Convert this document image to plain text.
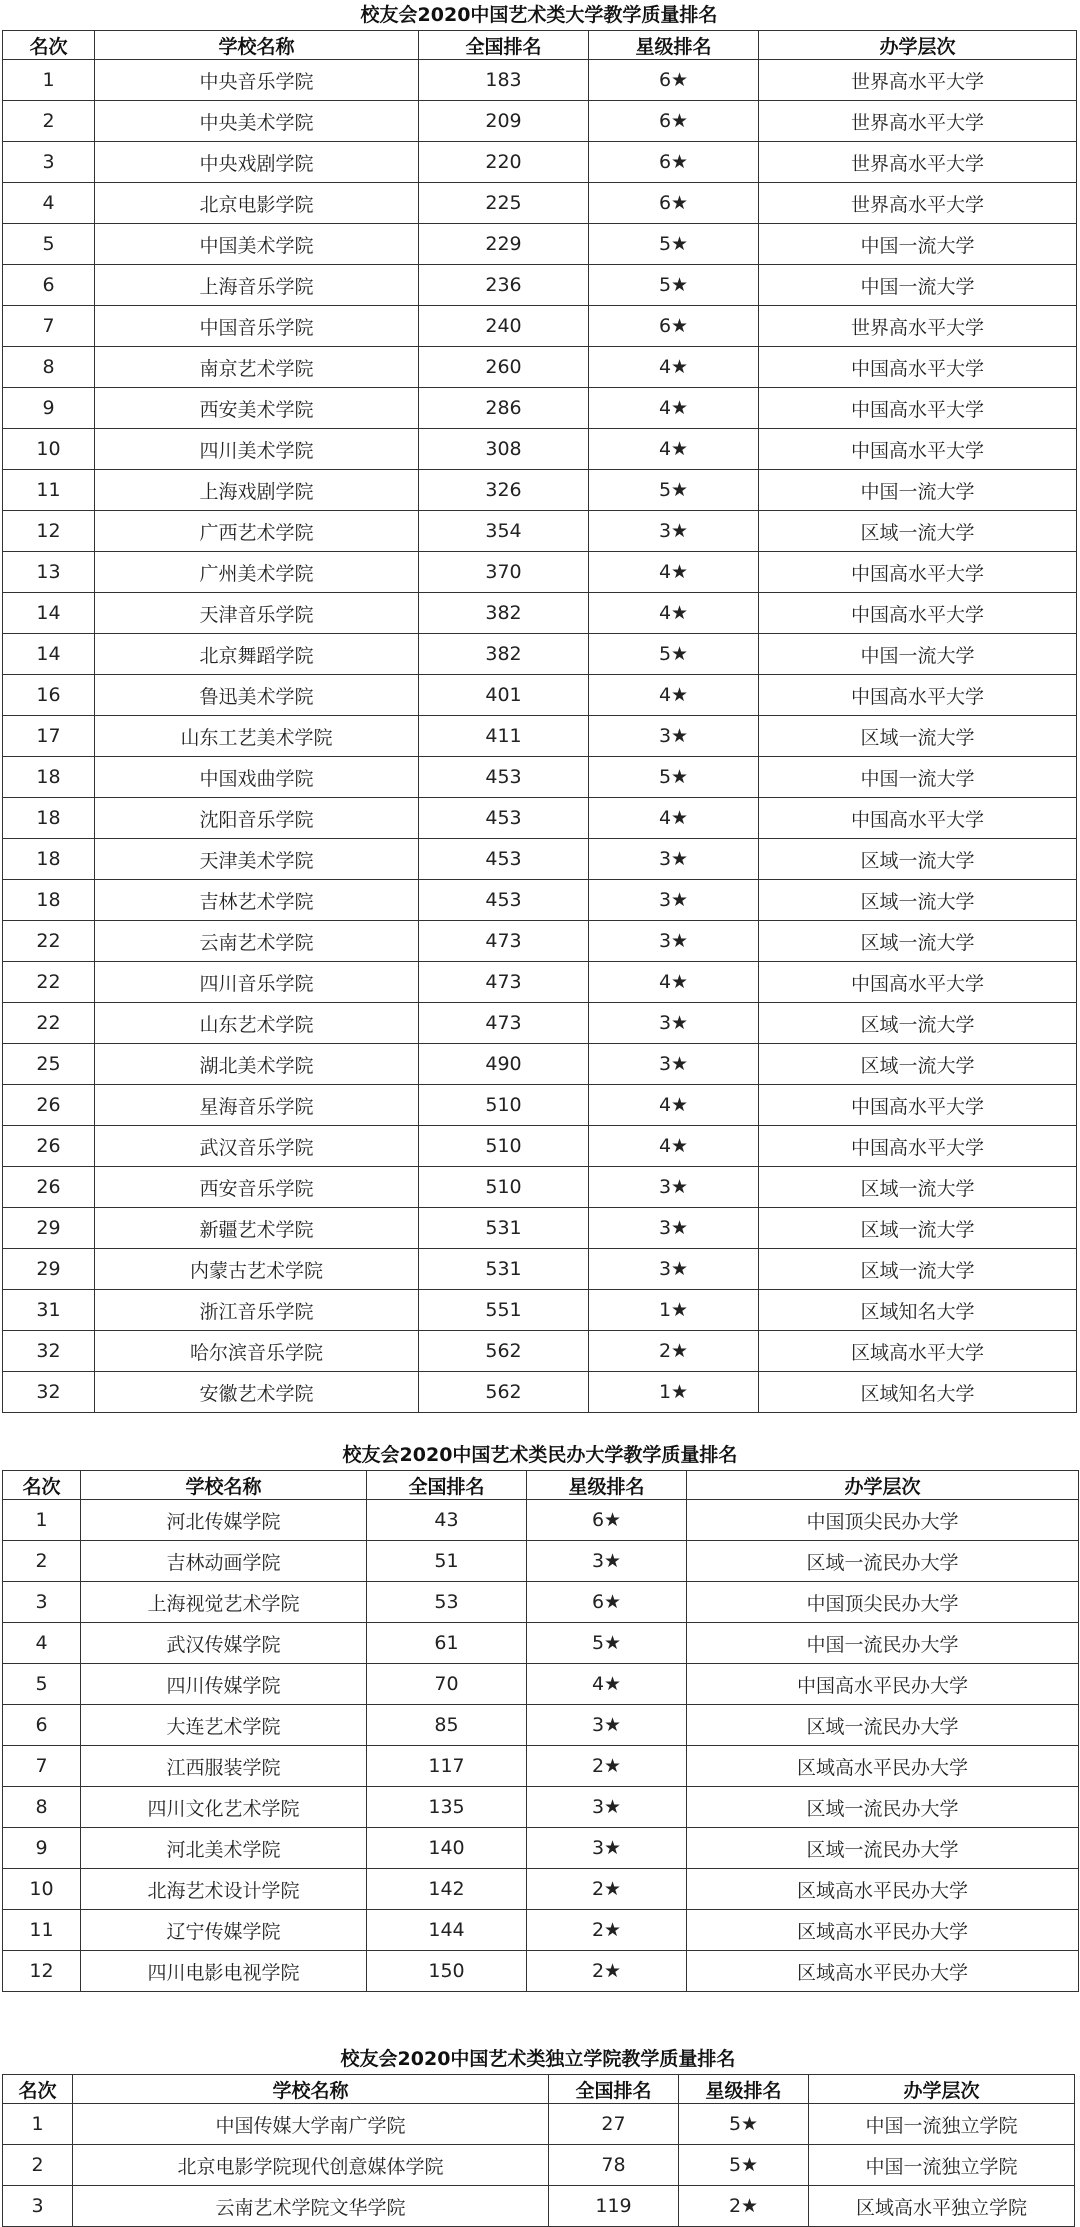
校友会2020中国艺术类大学教学质量排名
名次	学校名称	全国排名	星级排名	办学层次
1	中央音乐学院	183	6★	世界高水平大学
2	中央美术学院	209	6★	世界高水平大学
3	中央戏剧学院	220	6★	世界高水平大学
4	北京电影学院	225	6★	世界高水平大学
5	中国美术学院	229	5★	中国一流大学
6	上海音乐学院	236	5★	中国一流大学
7	中国音乐学院	240	6★	世界高水平大学
8	南京艺术学院	260	4★	中国高水平大学
9	西安美术学院	286	4★	中国高水平大学
10	四川美术学院	308	4★	中国高水平大学
11	上海戏剧学院	326	5★	中国一流大学
12	广西艺术学院	354	3★	区域一流大学
13	广州美术学院	370	4★	中国高水平大学
14	天津音乐学院	382	4★	中国高水平大学
14	北京舞蹈学院	382	5★	中国一流大学
16	鲁迅美术学院	401	4★	中国高水平大学
17	山东工艺美术学院	411	3★	区域一流大学
18	中国戏曲学院	453	5★	中国一流大学
18	沈阳音乐学院	453	4★	中国高水平大学
18	天津美术学院	453	3★	区域一流大学
18	吉林艺术学院	453	3★	区域一流大学
22	云南艺术学院	473	3★	区域一流大学
22	四川音乐学院	473	4★	中国高水平大学
22	山东艺术学院	473	3★	区域一流大学
25	湖北美术学院	490	3★	区域一流大学
26	星海音乐学院	510	4★	中国高水平大学
26	武汉音乐学院	510	4★	中国高水平大学
26	西安音乐学院	510	3★	区域一流大学
29	新疆艺术学院	531	3★	区域一流大学
29	内蒙古艺术学院	531	3★	区域一流大学
31	浙江音乐学院	551	1★	区域知名大学
32	哈尔滨音乐学院	562	2★	区域高水平大学
32	安徽艺术学院	562	1★	区域知名大学
校友会2020中国艺术类民办大学教学质量排名
名次	学校名称	全国排名	星级排名	办学层次
1	河北传媒学院	43	6★	中国顶尖民办大学
2	吉林动画学院	51	3★	区域一流民办大学
3	上海视觉艺术学院	53	6★	中国顶尖民办大学
4	武汉传媒学院	61	5★	中国一流民办大学
5	四川传媒学院	70	4★	中国高水平民办大学
6	大连艺术学院	85	3★	区域一流民办大学
7	江西服装学院	117	2★	区域高水平民办大学
8	四川文化艺术学院	135	3★	区域一流民办大学
9	河北美术学院	140	3★	区域一流民办大学
10	北海艺术设计学院	142	2★	区域高水平民办大学
11	辽宁传媒学院	144	2★	区域高水平民办大学
12	四川电影电视学院	150	2★	区域高水平民办大学
校友会2020中国艺术类独立学院教学质量排名
名次	学校名称	全国排名	星级排名	办学层次
1	中国传媒大学南广学院	27	5★	中国一流独立学院
2	北京电影学院现代创意媒体学院	78	5★	中国一流独立学院
3	云南艺术学院文华学院	119	2★	区域高水平独立学院
